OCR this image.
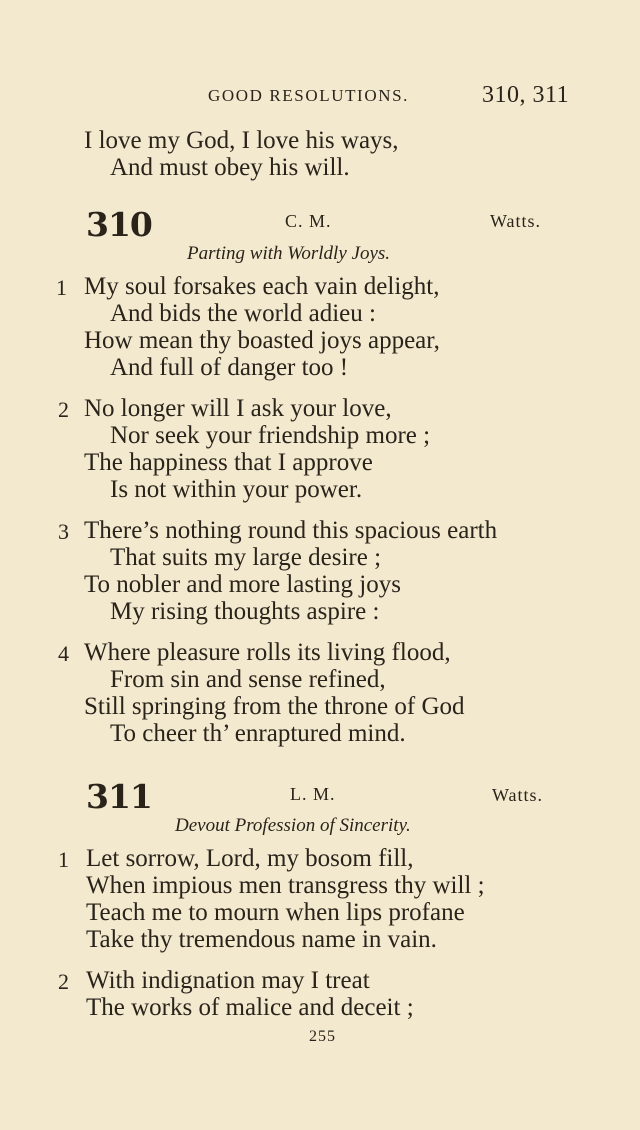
GOOD RESOLUTIONS.	310, 311
I love my God, I love his ways,
And must obey his will.
310	C. M.	Watts.
Parting with Worldly Joys.
1 My soul forsakes each vain delight,
And bids the world adieu :
How mean thy boasted joys appear,
And full of danger too !
2 No longer will I ask your love,
Nor seek your friendship more ;
The happiness that I approve
Is not within your power.
3 There’s nothing round this spacious earth
That suits my large desire ;
To nobler and more lasting joys
My rising thoughts aspire :
4 Where pleasure rolls its living flood,
From sin and sense refined,
Still springing from the throne of God
To cheer th’ enraptured mind.
311	L. M.	Watts.
Devout Profession of Sincerity.
1 Let sorrow, Lord, my bosom fill,
When impious men transgress thy will ;
Teach me to mourn when lips profane
Take thy tremendous name in vain.
2 With indignation may I treat
The works of malice and deceit ;
255
